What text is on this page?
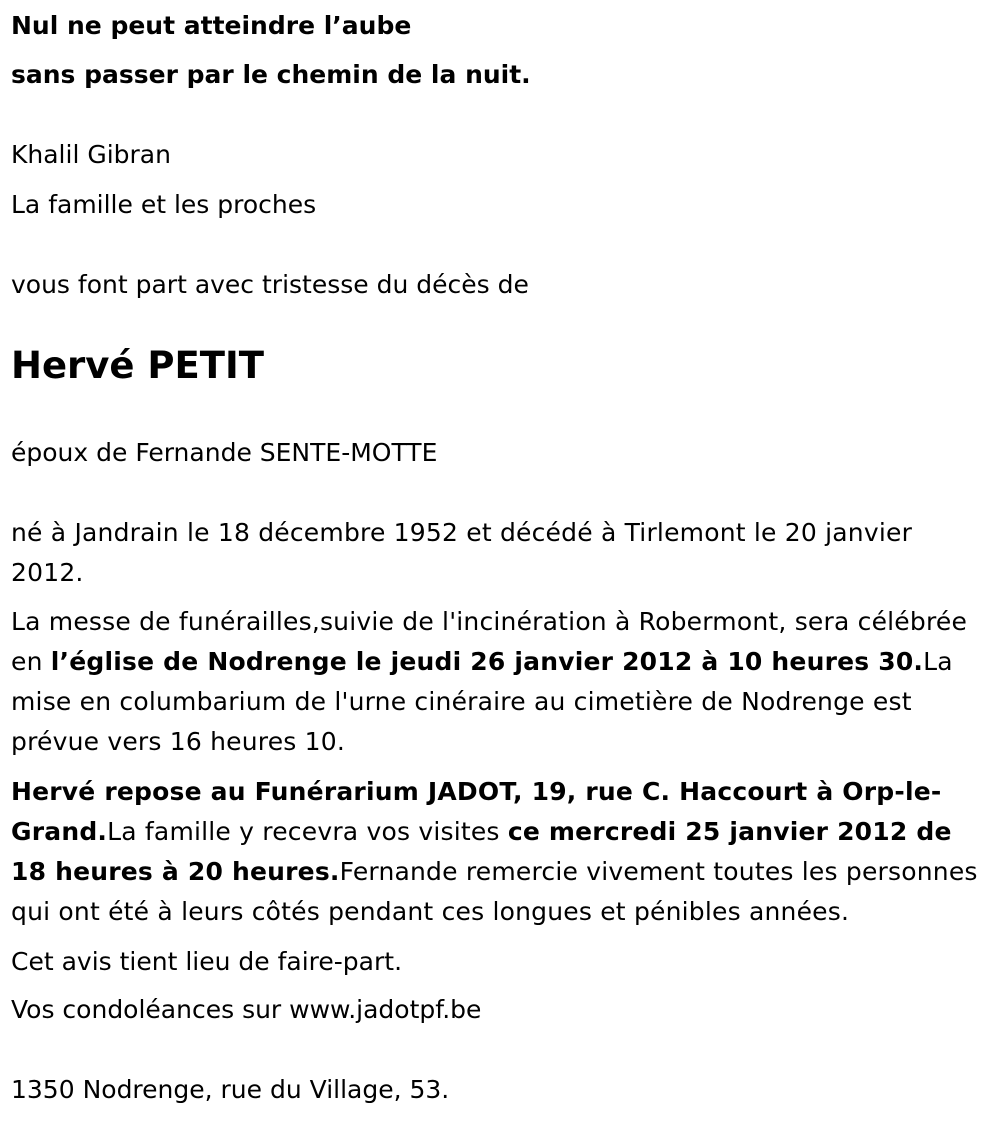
Nul ne peut atteindre l’aube
sans passer par le chemin de la nuit.
Khalil Gibran
La famille et les proches
vous font part avec tristesse du décès de
Hervé PETIT
époux de Fernande SENTE-MOTTE
né à Jandrain le 18 décembre 1952 et décédé à Tirlemont le 20 janvier 2012.
La messe de funérailles,suivie de l'incinération à Robermont, sera célébrée en l’église de Nodrenge le jeudi 26 janvier 2012 à 10 heures 30.La mise en columbarium de l'urne cinéraire au cimetière de Nodrenge est prévue vers 16 heures 10.
Hervé repose au Funérarium JADOT, 19, rue C. Haccourt à Orp-le-Grand.La famille y recevra vos visites ce mercredi 25 janvier 2012 de 18 heures à 20 heures.Fernande remercie vivement toutes les personnes qui ont été à leurs côtés pendant ces longues et pénibles années.
Cet avis tient lieu de faire-part.
Vos condoléances sur www.jadotpf.be
1350 Nodrenge, rue du Village, 53.
